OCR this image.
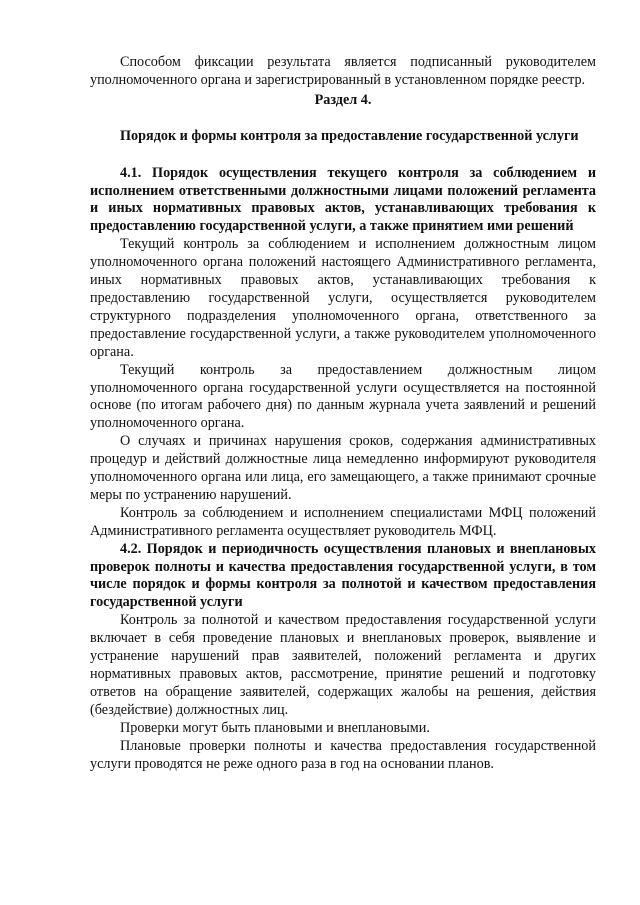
Способом фиксации результата является подписанный руководителем уполномоченного органа и зарегистрированный в установленном порядке реестр.

Раздел 4.

Порядок и формы контроля за предоставление государственной услуги

4.1. Порядок осуществления текущего контроля за соблюдением и исполнением ответственными должностными лицами положений регламента и иных нормативных правовых актов, устанавливающих требования к предоставлению государственной услуги, а также принятием ими решений

Текущий контроль за соблюдением и исполнением должностным лицом уполномоченного органа положений настоящего Административного регламента, иных нормативных правовых актов, устанавливающих требования к предоставлению государственной услуги, осуществляется руководителем структурного подразделения уполномоченного органа, ответственного за предоставление государственной услуги, а также руководителем уполномоченного органа.

Текущий контроль за предоставлением должностным лицом уполномоченного органа государственной услуги осуществляется на постоянной основе (по итогам рабочего дня) по данным журнала учета заявлений и решений уполномоченного органа.

О случаях и причинах нарушения сроков, содержания административных процедур и действий должностные лица немедленно информируют руководителя уполномоченного органа или лица, его замещающего, а также принимают срочные меры по устранению нарушений.

Контроль за соблюдением и исполнением специалистами МФЦ положений Административного регламента осуществляет руководитель МФЦ.

4.2. Порядок и периодичность осуществления плановых и внеплановых проверок полноты и качества предоставления государственной услуги, в том числе порядок и формы контроля за полнотой и качеством предоставления государственной услуги

Контроль за полнотой и качеством предоставления государственной услуги включает в себя проведение плановых и внеплановых проверок, выявление и устранение нарушений прав заявителей, положений регламента и других нормативных правовых актов, рассмотрение, принятие решений и подготовку ответов на обращение заявителей, содержащих жалобы на решения, действия (бездействие) должностных лиц.

Проверки могут быть плановыми и внеплановыми.

Плановые проверки полноты и качества предоставления государственной услуги проводятся не реже одного раза в год на основании планов.
